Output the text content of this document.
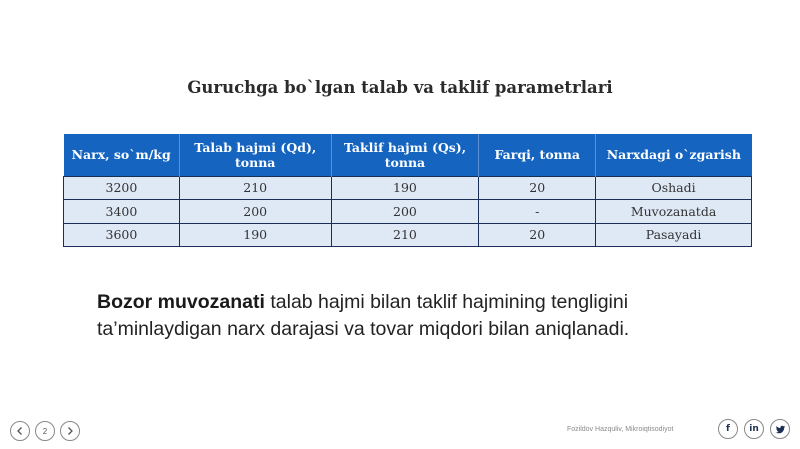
Guruchga bo`lgan talab va taklif parametrlari
Narx, so`m/kg	Talab hajmi (Qd), tonna	Taklif hajmi (Qs), tonna	Farqi, tonna	Narxdagi o`zgarish
3200	210	190	20	Oshadi
3400	200	200	-	Muvozanatda
3600	190	210	20	Pasayadi
Bozor muvozanati talab hajmi bilan taklif hajmining tengligini ta’minlaydigan narx darajasi va tovar miqdori bilan aniqlanadi.
2	Fozildov Hazquliv, Mikroiqtisodiyot	f in
